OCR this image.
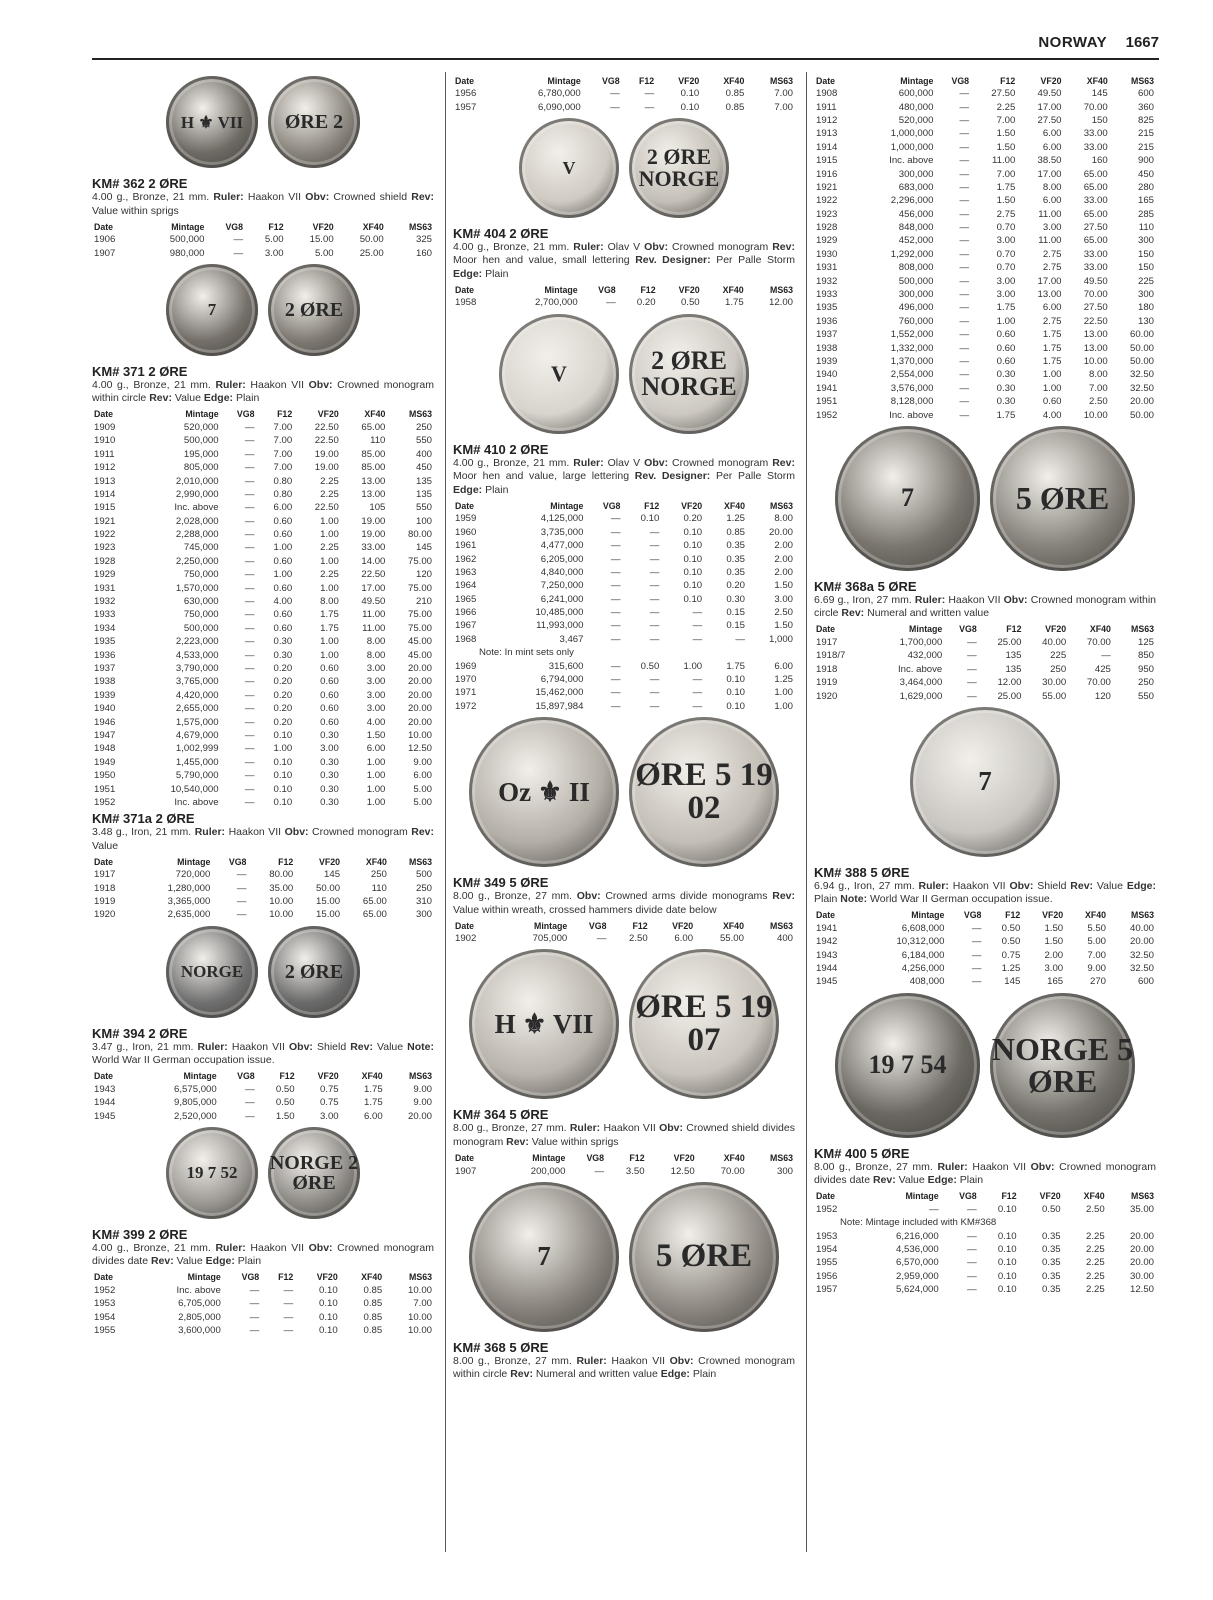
NORWAY 1667
H ⚜ VII ØRE 2
KM# 362 2 ØRE
4.00 g., Bronze, 21 mm. Ruler: Haakon VII Obv: Crowned shield Rev: Value within sprigs
Date	Mintage	VG8	F12	VF20	XF40	MS63
1906	500,000	—	5.00	15.00	50.00	325
1907	980,000	—	3.00	5.00	25.00	160
7	2 ØRE
KM# 371 2 ØRE
4.00 g., Bronze, 21 mm. Ruler: Haakon VII Obv: Crowned monogram within circle Rev: Value Edge: Plain
Date	Mintage	VG8	F12	VF20	XF40	MS63
1909	520,000	—	7.00	22.50	65.00	250
1910	500,000	—	7.00	22.50	110	550
1911	195,000	—	7.00	19.00	85.00	400
1912	805,000	—	7.00	19.00	85.00	450
1913	2,010,000	—	0.80	2.25	13.00	135
1914	2,990,000	—	0.80	2.25	13.00	135
1915	Inc. above	—	6.00	22.50	105	550
1921	2,028,000	—	0.60	1.00	19.00	100
1922	2,288,000	—	0.60	1.00	19.00	80.00
1923	745,000	—	1.00	2.25	33.00	145
1928	2,250,000	—	0.60	1.00	14.00	75.00
1929	750,000	—	1.00	2.25	22.50	120
1931	1,570,000	—	0.60	1.00	17.00	75.00
1932	630,000	—	4.00	8.00	49.50	210
1933	750,000	—	0.60	1.75	11.00	75.00
1934	500,000	—	0.60	1.75	11.00	75.00
1935	2,223,000	—	0.30	1.00	8.00	45.00
1936	4,533,000	—	0.30	1.00	8.00	45.00
1937	3,790,000	—	0.20	0.60	3.00	20.00
1938	3,765,000	—	0.20	0.60	3.00	20.00
1939	4,420,000	—	0.20	0.60	3.00	20.00
1940	2,655,000	—	0.20	0.60	3.00	20.00
1946	1,575,000	—	0.20	0.60	4.00	20.00
1947	4,679,000	—	0.10	0.30	1.50	10.00
1948	1,002,999	—	1.00	3.00	6.00	12.50
1949	1,455,000	—	0.10	0.30	1.00	9.00
1950	5,790,000	—	0.10	0.30	1.00	6.00
1951	10,540,000	—	0.10	0.30	1.00	5.00
1952	Inc. above	—	0.10	0.30	1.00	5.00
KM# 371a 2 ØRE
3.48 g., Iron, 21 mm. Ruler: Haakon VII Obv: Crowned monogram Rev: Value
Date	Mintage	VG8	F12	VF20	XF40	MS63
1917	720,000	—	80.00	145	250	500
1918	1,280,000	—	35.00	50.00	110	250
1919	3,365,000	—	10.00	15.00	65.00	310
1920	2,635,000	—	10.00	15.00	65.00	300
NORGE 2 ØRE
KM# 394 2 ØRE
3.47 g., Iron, 21 mm. Ruler: Haakon VII Obv: Shield Rev: Value Note: World War II German occupation issue.
Date	Mintage	VG8	F12	VF20	XF40	MS63
1943	6,575,000	—	0.50	0.75	1.75	9.00
1944	9,805,000	—	0.50	0.75	1.75	9.00
1945	2,520,000	—	1.50	3.00	6.00	20.00
19 7 52 NORGE 2 ØRE
KM# 399 2 ØRE
4.00 g., Bronze, 21 mm. Ruler: Haakon VII Obv: Crowned monogram divides date Rev: Value Edge: Plain
Date	Mintage	VG8	F12	VF20	XF40	MS63
1952	Inc. above	—	—	0.10	0.85	10.00
1953	6,705,000	—	—	0.10	0.85	7.00
1954	2,805,000	—	—	0.10	0.85	10.00
1955	3,600,000	—	—	0.10	0.85	10.00
Date	Mintage	VG8	F12	VF20	XF40	MS63
1956	6,780,000	—	—	0.10	0.85	7.00
1957	6,090,000	—	—	0.10	0.85	7.00
V	2 ØRE NORGE
KM# 404 2 ØRE
4.00 g., Bronze, 21 mm. Ruler: Olav V Obv: Crowned monogram Rev: Moor hen and value, small lettering Rev. Designer: Per Palle Storm Edge: Plain
Date	Mintage	VG8	F12	VF20	XF40	MS63
1958	2,700,000	—	0.20	0.50	1.75	12.00
V	2 ØRE NORGE
KM# 410 2 ØRE
4.00 g., Bronze, 21 mm. Ruler: Olav V Obv: Crowned monogram Rev: Moor hen and value, large lettering Rev. Designer: Per Palle Storm Edge: Plain
Date	Mintage	VG8	F12	VF20	XF40	MS63
1959	4,125,000	—	0.10	0.20	1.25	8.00
1960	3,735,000	—	—	0.10	0.85	20.00
1961	4,477,000	—	—	0.10	0.35	2.00
1962	6,205,000	—	—	0.10	0.35	2.00
1963	4,840,000	—	—	0.10	0.35	2.00
1964	7,250,000	—	—	0.10	0.20	1.50
1965	6,241,000	—	—	0.10	0.30	3.00
1966	10,485,000	—	—	—	0.15	2.50
1967	11,993,000	—	—	—	0.15	1.50
1968	3,467	—	—	—	—	1,000
Note: In mint sets only						
1969	315,600	—	0.50	1.00	1.75	6.00
1970	6,794,000	—	—	—	0.10	1.25
1971	15,462,000	—	—	—	0.10	1.00
1972	15,897,984	—	—	—	0.10	1.00
Oz ⚜ II ØRE 5 19 02
KM# 349 5 ØRE
8.00 g., Bronze, 27 mm. Obv: Crowned arms divide monograms Rev: Value within wreath, crossed hammers divide date below
Date	Mintage	VG8	F12	VF20	XF40	MS63
1902	705,000	—	2.50	6.00	55.00	400
H ⚜ VII ØRE 5 19 07
KM# 364 5 ØRE
8.00 g., Bronze, 27 mm. Ruler: Haakon VII Obv: Crowned shield divides monogram Rev: Value within sprigs
Date	Mintage	VG8	F12	VF20	XF40	MS63
1907	200,000	—	3.50	12.50	70.00	300
7	5 ØRE
KM# 368 5 ØRE
8.00 g., Bronze, 27 mm. Ruler: Haakon VII Obv: Crowned monogram within circle Rev: Numeral and written value Edge: Plain
Date	Mintage	VG8	F12	VF20	XF40	MS63
1908	600,000	—	27.50	49.50	145	600
1911	480,000	—	2.25	17.00	70.00	360
1912	520,000	—	7.00	27.50	150	825
1913	1,000,000	—	1.50	6.00	33.00	215
1914	1,000,000	—	1.50	6.00	33.00	215
1915	Inc. above	—	11.00	38.50	160	900
1916	300,000	—	7.00	17.00	65.00	450
1921	683,000	—	1.75	8.00	65.00	280
1922	2,296,000	—	1.50	6.00	33.00	165
1923	456,000	—	2.75	11.00	65.00	285
1928	848,000	—	0.70	3.00	27.50	110
1929	452,000	—	3.00	11.00	65.00	300
1930	1,292,000	—	0.70	2.75	33.00	150
1931	808,000	—	0.70	2.75	33.00	150
1932	500,000	—	3.00	17.00	49.50	225
1933	300,000	—	3.00	13.00	70.00	300
1935	496,000	—	1.75	6.00	27.50	180
1936	760,000	—	1.00	2.75	22.50	130
1937	1,552,000	—	0.60	1.75	13.00	60.00
1938	1,332,000	—	0.60	1.75	13.00	50.00
1939	1,370,000	—	0.60	1.75	10.00	50.00
1940	2,554,000	—	0.30	1.00	8.00	32.50
1941	3,576,000	—	0.30	1.00	7.00	32.50
1951	8,128,000	—	0.30	0.60	2.50	20.00
1952	Inc. above	—	1.75	4.00	10.00	50.00
7	5 ØRE
KM# 368a 5 ØRE
6.69 g., Iron, 27 mm. Ruler: Haakon VII Obv: Crowned monogram within circle Rev: Numeral and written value
Date	Mintage	VG8	F12	VF20	XF40	MS63
1917	1,700,000	—	25.00	40.00	70.00	125
1918/7	432,000	—	135	225	—	850
1918	Inc. above	—	135	250	425	950
1919	3,464,000	—	12.00	30.00	70.00	250
1920	1,629,000	—	25.00	55.00	120	550
7
KM# 388 5 ØRE
6.94 g., Iron, 27 mm. Ruler: Haakon VII Obv: Shield Rev: Value Edge: Plain Note: World War II German occupation issue.
Date	Mintage	VG8	F12	VF20	XF40	MS63
1941	6,608,000	—	0.50	1.50	5.50	40.00
1942	10,312,000	—	0.50	1.50	5.00	20.00
1943	6,184,000	—	0.75	2.00	7.00	32.50
1944	4,256,000	—	1.25	3.00	9.00	32.50
1945	408,000	—	145	165	270	600
19 7 54 NORGE 5 ØRE
KM# 400 5 ØRE
8.00 g., Bronze, 27 mm. Ruler: Haakon VII Obv: Crowned monogram divides date Rev: Value Edge: Plain
Date	Mintage	VG8	F12	VF20	XF40	MS63
1952	—	—	0.10	0.50	2.50	35.00
Note: Mintage included with KM#368						
1953	6,216,000	—	0.10	0.35	2.25	20.00
1954	4,536,000	—	0.10	0.35	2.25	20.00
1955	6,570,000	—	0.10	0.35	2.25	20.00
1956	2,959,000	—	0.10	0.35	2.25	30.00
1957	5,624,000	—	0.10	0.35	2.25	12.50
